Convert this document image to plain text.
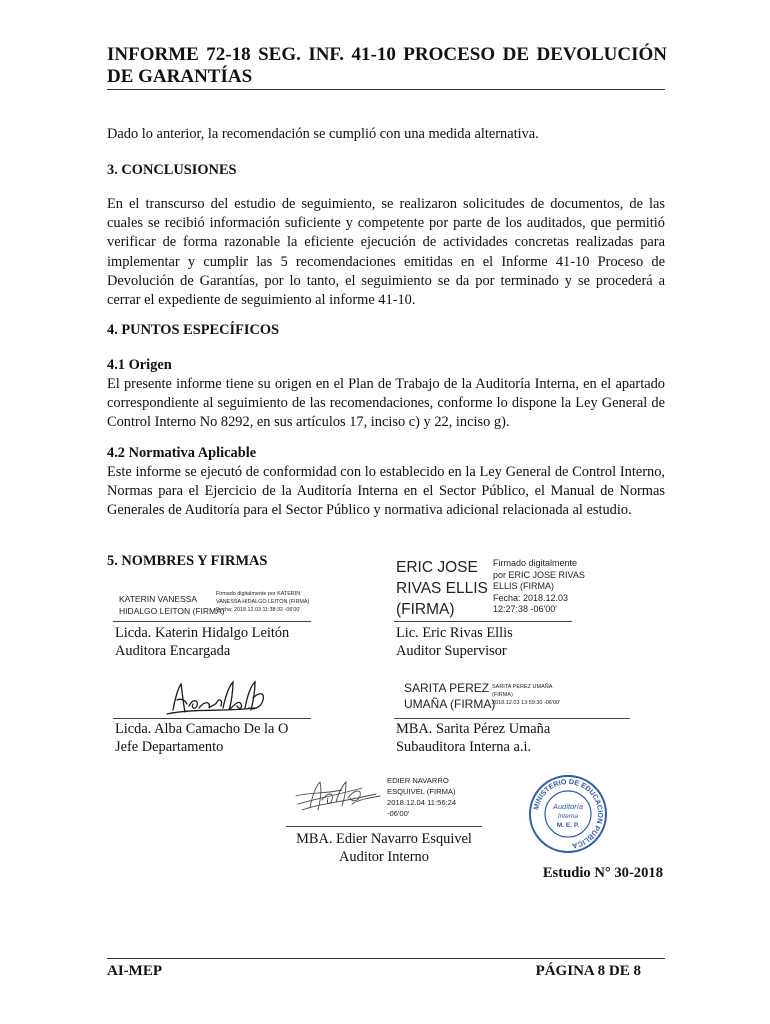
INFORME 72-18 SEG. INF. 41-10 PROCESO DE DEVOLUCIÓN DE GARANTÍAS
Dado lo anterior, la recomendación se cumplió con una medida alternativa.
3. CONCLUSIONES
En el transcurso del estudio de seguimiento, se realizaron solicitudes de documentos, de las cuales se recibió información suficiente y competente por parte de los auditados, que permitió verificar de forma razonable la eficiente ejecución de actividades concretas realizadas para implementar y cumplir las 5 recomendaciones emitidas en el Informe 41-10 Proceso de Devolución de Garantías, por lo tanto, el seguimiento se da por terminado y se procederá a cerrar el expediente de seguimiento al informe 41-10.
4. PUNTOS ESPECÍFICOS
4.1 Origen
El presente informe tiene su origen en el Plan de Trabajo de la Auditoría Interna, en el apartado correspondiente al seguimiento de las recomendaciones, conforme lo dispone la Ley General de Control Interno No 8292, en sus artículos 17, inciso c) y 22, inciso g).
4.2 Normativa Aplicable
Este informe se ejecutó de conformidad con lo establecido en la Ley General de Control Interno, Normas para el Ejercicio de la Auditoría Interna en el Sector Público, el Manual de Normas Generales de Auditoría para el Sector Público y normativa adicional relacionada al estudio.
5. NOMBRES Y FIRMAS
KATERIN VANESSA
HIDALGO LEITON (FIRMA)
Firmado digitalmente por KATERIN
VANESSA HIDALGO LEITON (FIRMA)
Fecha: 2018.12.03 11:38:32 -06'00'
Licda. Katerin Hidalgo Leitón
Auditora Encargada
ERIC JOSE
RIVAS ELLIS
(FIRMA)
Firmado digitalmente
por ERIC JOSE RIVAS
ELLIS (FIRMA)
Fecha: 2018.12.03
12:27:38 -06'00'
Lic. Eric Rivas Ellis
Auditor Supervisor
Licda. Alba Camacho De la O
Jefe Departamento
SARITA PEREZ
UMAÑA (FIRMA)
SARITA PEREZ UMAÑA
(FIRMA)
2018.12.03 13:59:30 -06'00'
MBA. Sarita Pérez Umaña
Subauditora Interna a.i.
EDIER NAVARRO
ESQUIVEL (FIRMA)
2018.12.04 11:56:24
-06'00'
MBA. Edier Navarro Esquivel
Auditor Interno
MINISTERIO DE EDUCACION PUBLICA
Auditoría
Interna
M. E. P.
Estudio N° 30-2018
AI-MEP	PÁGINA 8 DE 8
